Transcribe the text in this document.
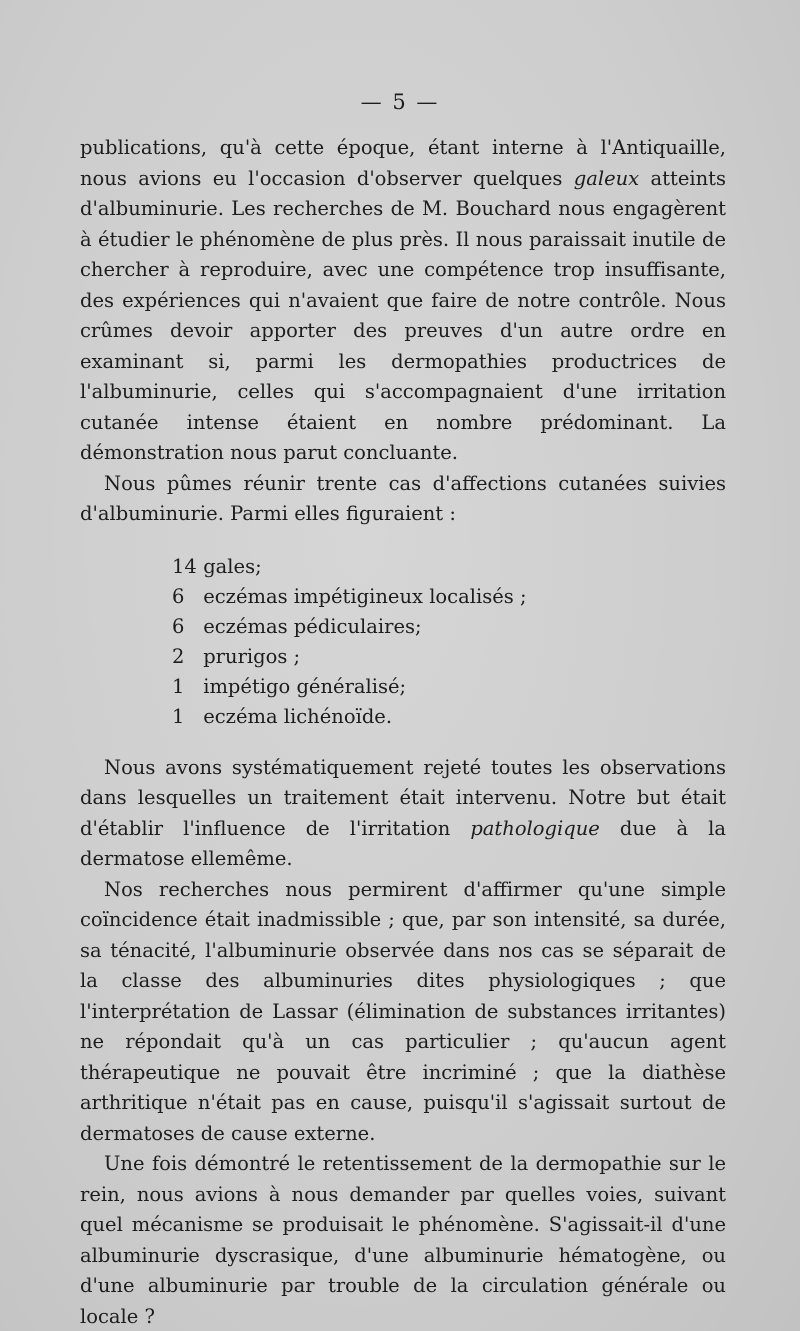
— 5 —

publications, qu'à cette époque, étant interne à l'Antiquaille, nous avions eu l'occasion d'observer quelques galeux atteints d'albuminurie. Les recherches de M. Bouchard nous engagèrent à étudier le phénomène de plus près. Il nous paraissait inutile de chercher à reproduire, avec une compétence trop insuffisante, des expériences qui n'avaient que faire de notre contrôle. Nous crûmes devoir apporter des preuves d'un autre ordre en examinant si, parmi les dermopathies productrices de l'albuminurie, celles qui s'accompagnaient d'une irritation cutanée intense étaient en nombre prédominant. La démonstration nous parut concluante.

Nous pûmes réunir trente cas d'affections cutanées suivies d'albuminurie. Parmi elles figuraient :

14 gales;
6 eczémas impétigineux localisés ;
6 eczémas pédiculaires;
2 prurigos ;
1 impétigo généralisé;
1 eczéma lichénoïde.

Nous avons systématiquement rejeté toutes les observations dans lesquelles un traitement était intervenu. Notre but était d'établir l'influence de l'irritation pathologique due à la dermatose ellemême.

Nos recherches nous permirent d'affirmer qu'une simple coïncidence était inadmissible ; que, par son intensité, sa durée, sa ténacité, l'albuminurie observée dans nos cas se séparait de la classe des albuminuries dites physiologiques ; que l'interprétation de Lassar (élimination de substances irritantes) ne répondait qu'à un cas particulier ; qu'aucun agent thérapeutique ne pouvait être incriminé ; que la diathèse arthritique n'était pas en cause, puisqu'il s'agissait surtout de dermatoses de cause externe.

Une fois démontré le retentissement de la dermopathie sur le rein, nous avions à nous demander par quelles voies, suivant quel mécanisme se produisait le phénomène. S'agissait-il d'une albuminurie dyscrasique, d'une albuminurie hématogène, ou d'une albuminurie par trouble de la circulation générale ou locale ?
